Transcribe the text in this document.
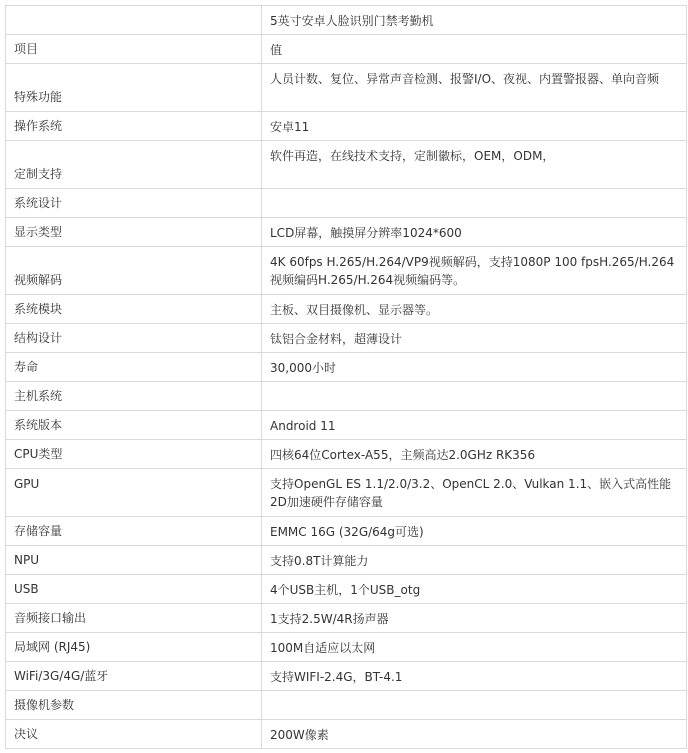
	5英寸安卓人脸识别门禁考勤机
项目	值
特殊功能	人员计数、复位、异常声音检测、报警I/O、夜视、内置警报器、单向音频
操作系统	安卓11
定制支持	软件再造，在线技术支持，定制徽标，OEM，ODM，
系统设计	
显示类型	LCD屏幕，触摸屏分辨率1024*600
视频解码	4K 60fps H.265/H.264/VP9视频解码，支持1080P 100 fpsH.265/H.264视频编码H.265/H.264视频编码等。
系统模块	主板、双目摄像机、显示器等。
结构设计	钛铝合金材料，超薄设计
寿命	30,000小时
主机系统	
系统版本	Android 11
CPU类型	四核64位Cortex-A55，主频高达2.0GHz RK356
GPU	支持OpenGL ES 1.1/2.0/3.2、OpenCL 2.0、Vulkan 1.1、嵌入式高性能2D加速硬件存储容量
存储容量	EMMC 16G (32G/64g可选)
NPU	支持0.8T计算能力
USB	4个USB主机，1个USB_otg
音频接口输出	1支持2.5W/4R扬声器
局域网 (RJ45)	100M自适应以太网
WiFi/3G/4G/蓝牙	支持WIFI-2.4G，BT-4.1
摄像机参数	
决议	200W像素
